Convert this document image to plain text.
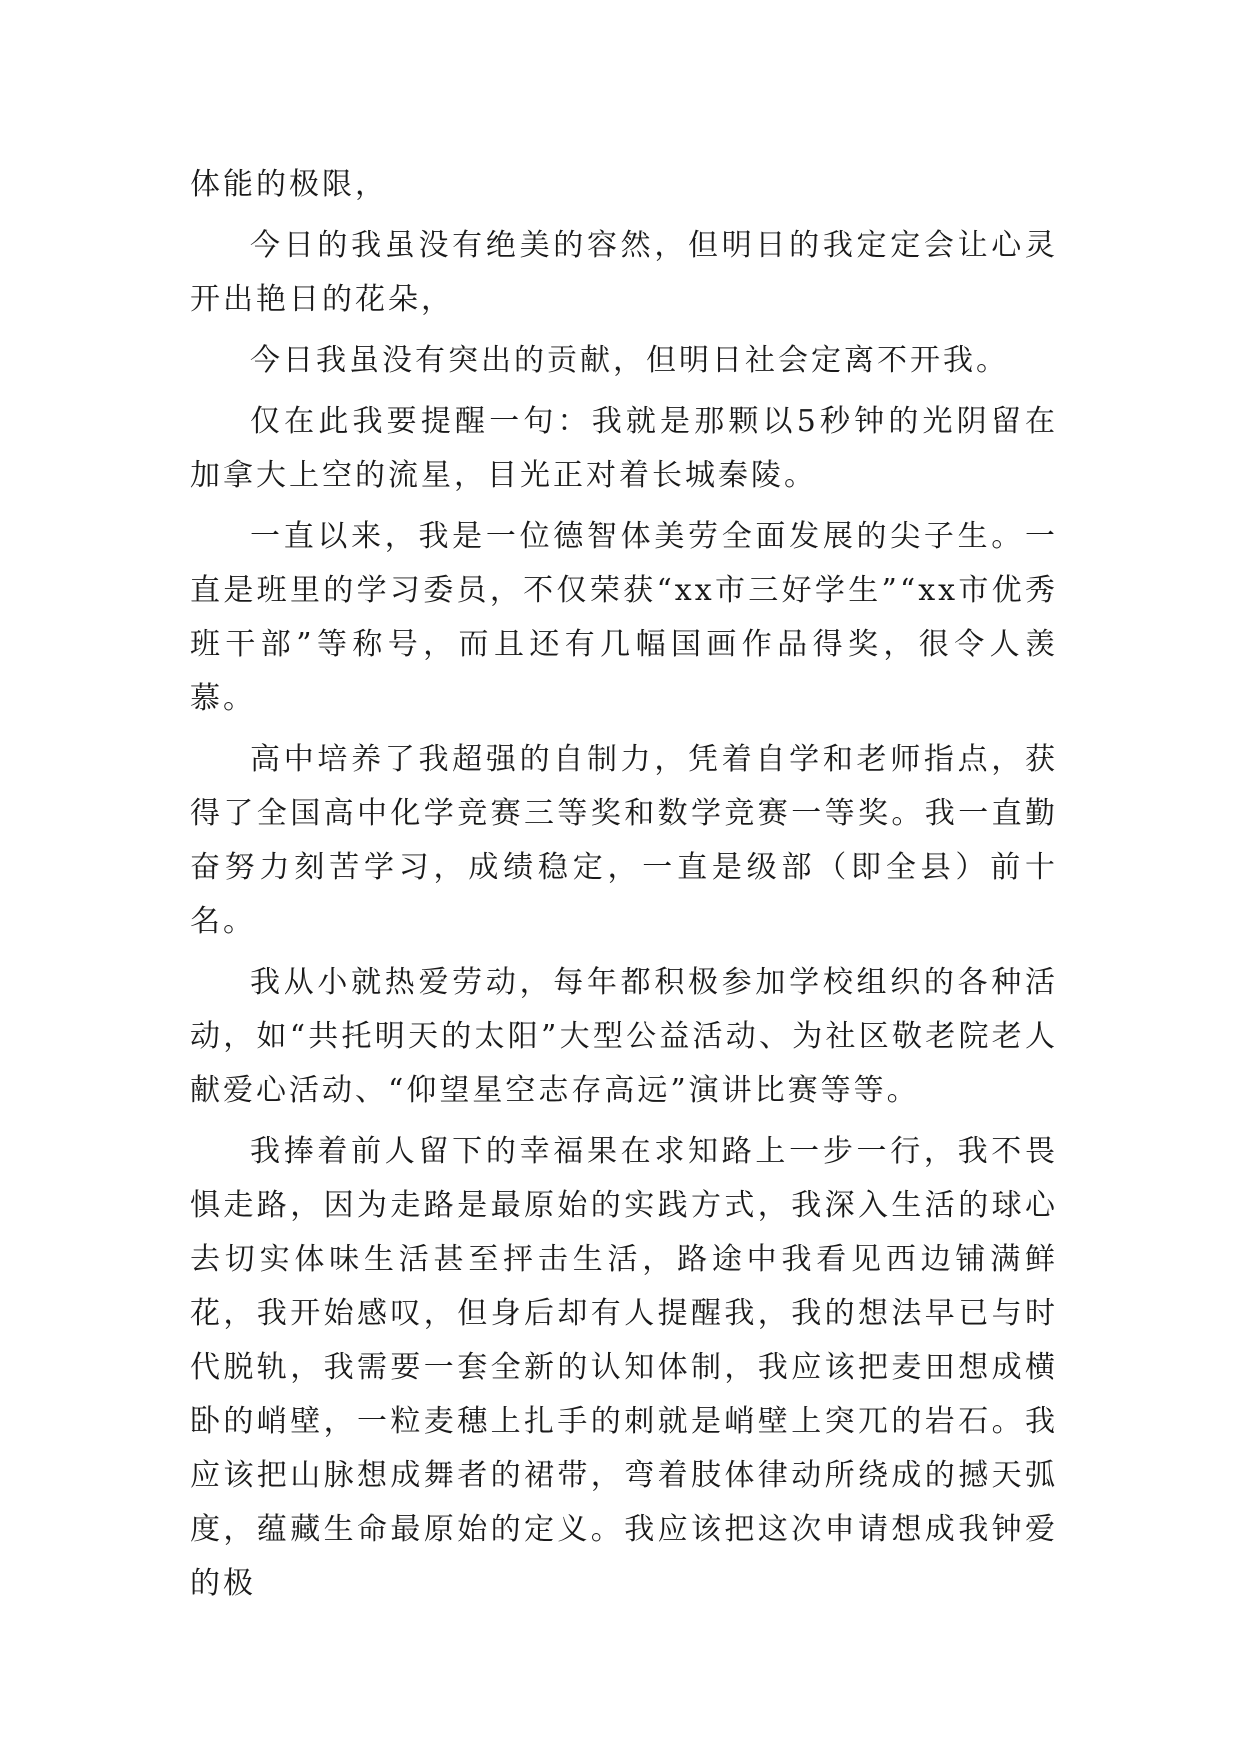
体能的极限，

今日的我虽没有绝美的容然，但明日的我定定会让心灵开出艳日的花朵，

今日我虽没有突出的贡献，但明日社会定离不开我。

仅在此我要提醒一句：我就是那颗以5秒钟的光阴留在加拿大上空的流星，目光正对着长城秦陵。

一直以来，我是一位德智体美劳全面发展的尖子生。一直是班里的学习委员，不仅荣获“xx市三好学生”“xx市优秀班干部”等称号，而且还有几幅国画作品得奖，很令人羡慕。

高中培养了我超强的自制力，凭着自学和老师指点，获得了全国高中化学竞赛三等奖和数学竞赛一等奖。我一直勤奋努力刻苦学习，成绩稳定，一直是级部（即全县）前十名。

我从小就热爱劳动，每年都积极参加学校组织的各种活动，如“共托明天的太阳”大型公益活动、为社区敬老院老人献爱心活动、“仰望星空志存高远”演讲比赛等等。

我捧着前人留下的幸福果在求知路上一步一行，我不畏惧走路，因为走路是最原始的实践方式，我深入生活的球心去切实体味生活甚至抨击生活，路途中我看见西边铺满鲜花，我开始感叹，但身后却有人提醒我，我的想法早已与时代脱轨，我需要一套全新的认知体制，我应该把麦田想成横卧的峭壁，一粒麦穗上扎手的刺就是峭壁上突兀的岩石。我应该把山脉想成舞者的裙带，弯着肢体律动所绕成的撼天弧度，蕴藏生命最原始的定义。我应该把这次申请想成我钟爱的极
